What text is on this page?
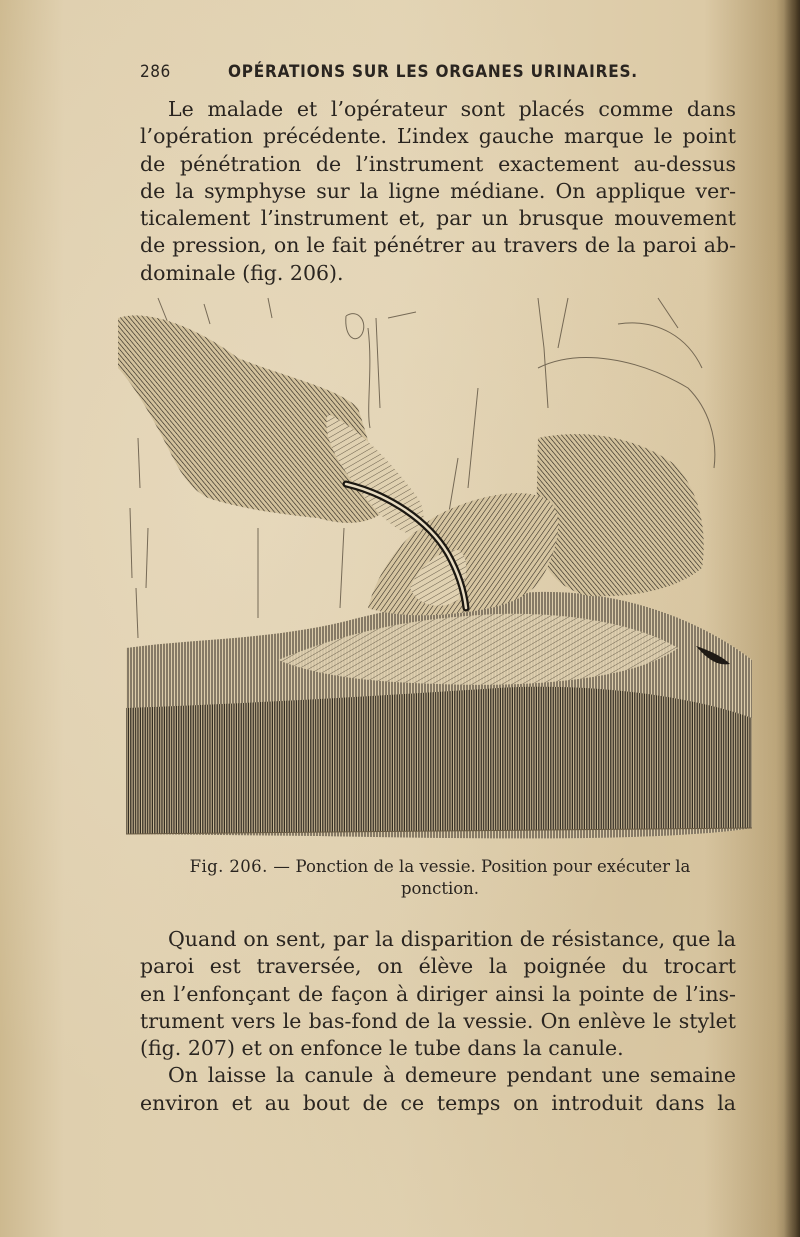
286	OPÉRATIONS SUR LES ORGANES URINAIRES.
Le malade et l’opérateur sont placés comme dans
l’opération précédente. L’index gauche marque le point
de pénétration de l’instrument exactement au-dessus
de la symphyse sur la ligne médiane. On applique ver-
ticalement l’instrument et, par un brusque mouvement
de pression, on le fait pénétrer au travers de la paroi ab-
dominale (fig. 206).
Fig. 206. — Ponction de la vessie. Position pour exécuter la ponction.
Quand on sent, par la disparition de résistance, que la
paroi est traversée, on élève la poignée du trocart
en l’enfonçant de façon à diriger ainsi la pointe de l’ins-
trument vers le bas-fond de la vessie. On enlève le stylet
(fig. 207) et on enfonce le tube dans la canule.
On laisse la canule à demeure pendant une semaine
environ et au bout de ce temps on introduit dans la
